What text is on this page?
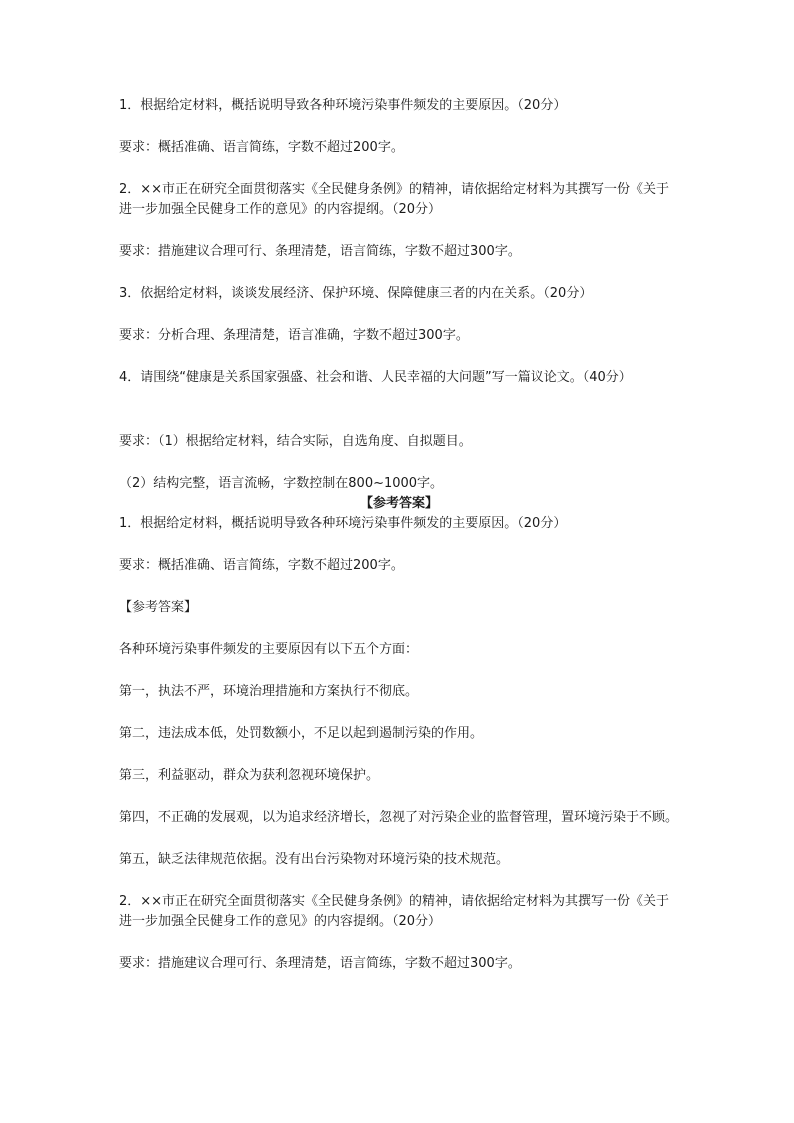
1．根据给定材料，概括说明导致各种环境污染事件频发的主要原因。（20分）

要求：概括准确、语言简练，字数不超过200字。

2．××市正在研究全面贯彻落实《全民健身条例》的精神，请依据给定材料为其撰写一份《关于进一步加强全民健身工作的意见》的内容提纲。（20分）

要求：措施建议合理可行、条理清楚，语言简练，字数不超过300字。

3．依据给定材料，谈谈发展经济、保护环境、保障健康三者的内在关系。（20分）

要求：分析合理、条理清楚，语言准确，字数不超过300字。

4．请围绕“健康是关系国家强盛、社会和谐、人民幸福的大问题”写一篇议论文。（40分）

要求：（1）根据给定材料，结合实际，自选角度、自拟题目。

（2）结构完整，语言流畅，字数控制在800~1000字。

【参考答案】

1．根据给定材料，概括说明导致各种环境污染事件频发的主要原因。（20分）

要求：概括准确、语言简练，字数不超过200字。

【参考答案】

各种环境污染事件频发的主要原因有以下五个方面：

第一，执法不严，环境治理措施和方案执行不彻底。

第二，违法成本低，处罚数额小，不足以起到遏制污染的作用。

第三，利益驱动，群众为获利忽视环境保护。

第四，不正确的发展观，以为追求经济增长，忽视了对污染企业的监督管理，置环境污染于不顾。

第五，缺乏法律规范依据。没有出台污染物对环境污染的技术规范。

2．××市正在研究全面贯彻落实《全民健身条例》的精神，请依据给定材料为其撰写一份《关于进一步加强全民健身工作的意见》的内容提纲。（20分）

要求：措施建议合理可行、条理清楚，语言简练，字数不超过300字。
